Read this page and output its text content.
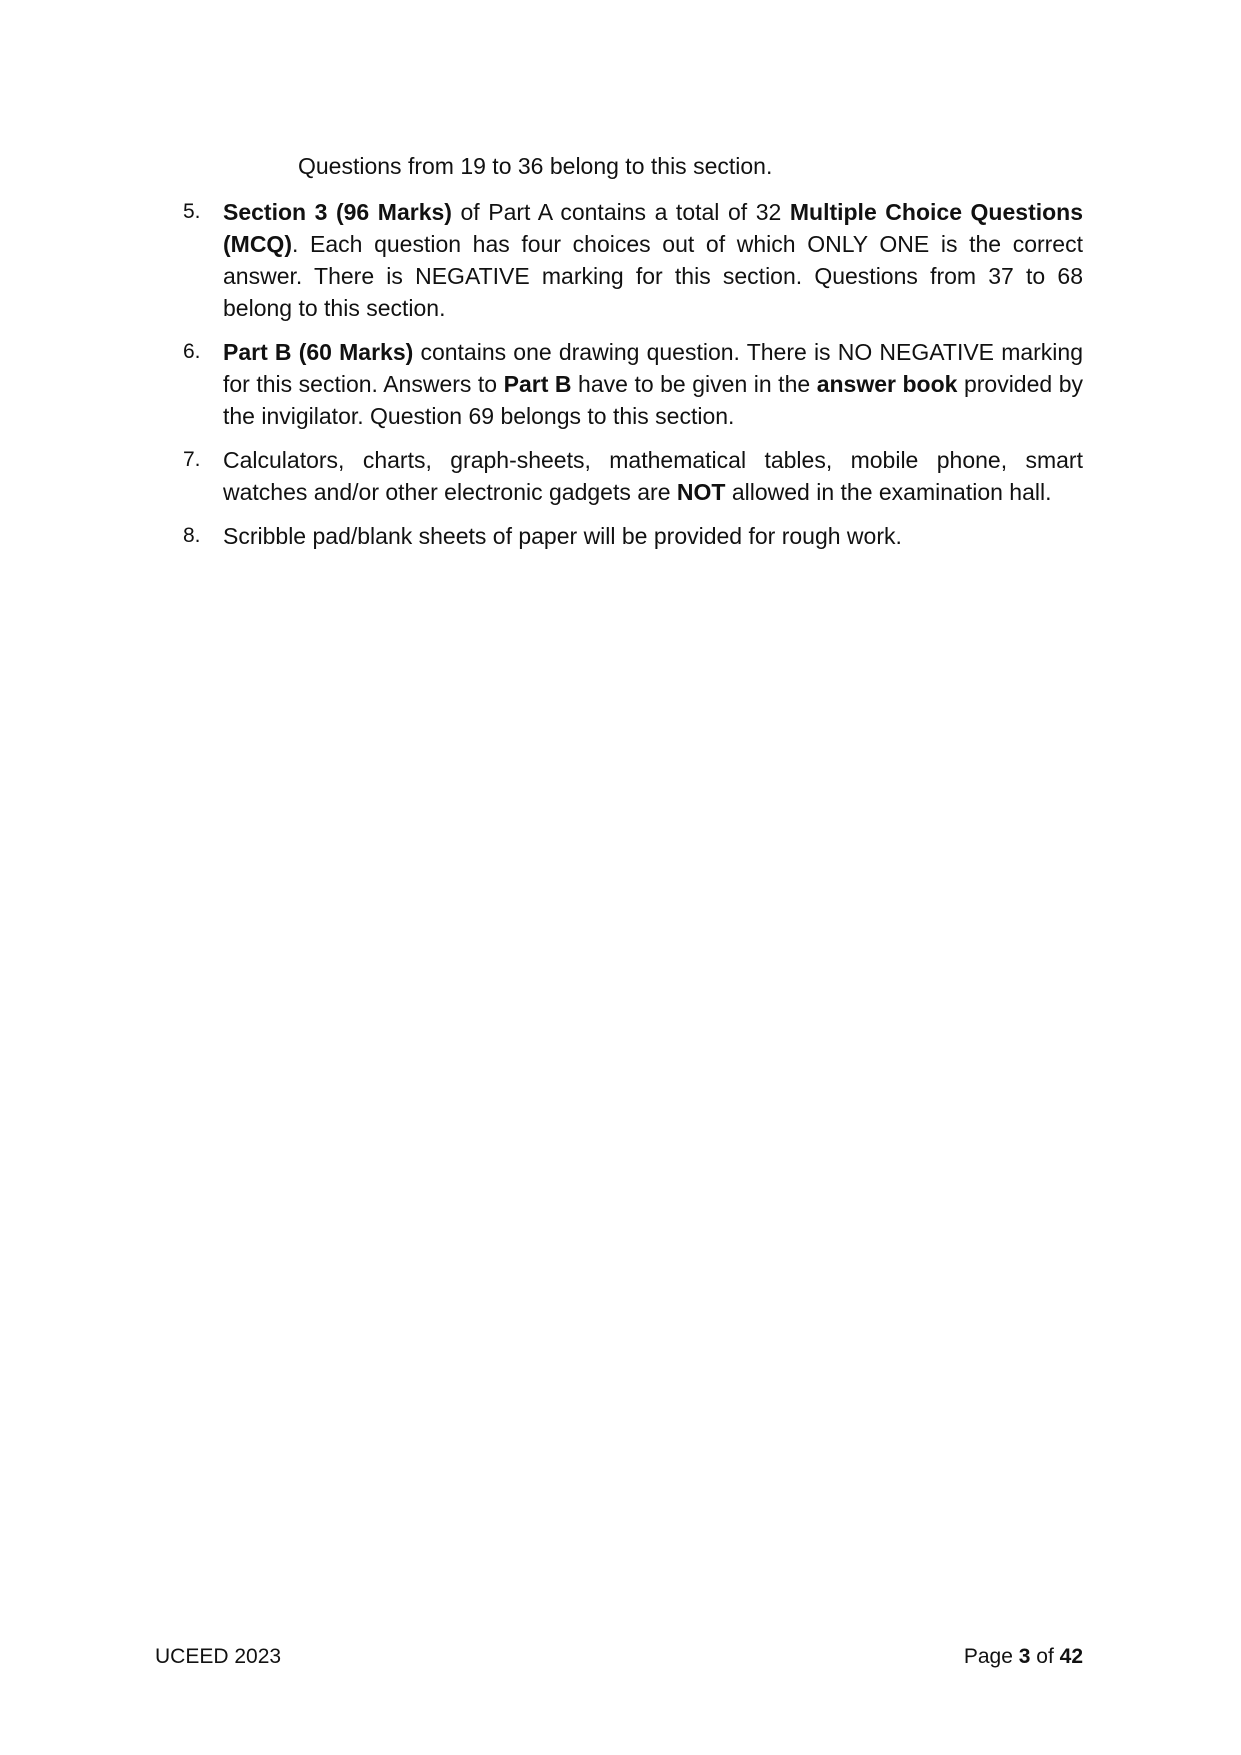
Questions from 19 to 36 belong to this section.
5. Section 3 (96 Marks) of Part A contains a total of 32 Multiple Choice Questions (MCQ). Each question has four choices out of which ONLY ONE is the correct answer. There is NEGATIVE marking for this section. Questions from 37 to 68 belong to this section.
6. Part B (60 Marks) contains one drawing question. There is NO NEGATIVE marking for this section. Answers to Part B have to be given in the answer book provided by the invigilator. Question 69 belongs to this section.
7. Calculators, charts, graph-sheets, mathematical tables, mobile phone, smart watches and/or other electronic gadgets are NOT allowed in the examination hall.
8. Scribble pad/blank sheets of paper will be provided for rough work.
UCEED 2023	Page 3 of 42
